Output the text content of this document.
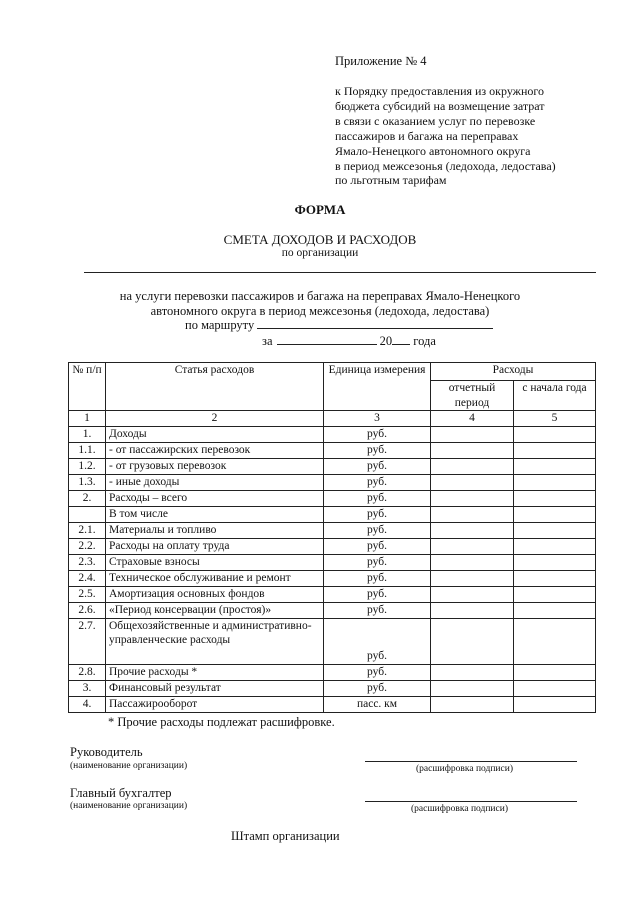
Приложение № 4
к Порядку предоставления из окружного
бюджета субсидий на возмещение затрат
в связи с оказанием услуг по перевозке
пассажиров и багажа на переправах
Ямало-Ненецкого автономного округа
в период межсезонья (ледохода, ледостава)
по льготным тарифам
ФОРМА
СМЕТА ДОХОДОВ И РАСХОДОВ
по организации
на услуги перевозки пассажиров и багажа на переправах Ямало-Ненецкого
автономного округа в период межсезонья (ледохода, ледостава)
по маршруту
за	20 года
№ п/п	Статья расходов	Единица измерения	Расходы	
			отчетный период	с начала года
1	2	3	4	5
1.	Доходы	руб.		
1.1.	- от пассажирских перевозок	руб.		
1.2.	- от грузовых перевозок	руб.		
1.3.	- иные доходы	руб.		
2.	Расходы – всего	руб.		
	В том числе	руб.		
2.1.	Материалы и топливо	руб.		
2.2.	Расходы на оплату труда	руб.		
2.3.	Страховые взносы	руб.		
2.4.	Техническое обслуживание и ремонт	руб.		
2.5.	Амортизация основных фондов	руб.		
2.6.	«Период консервации (простоя)»	руб.		
2.7.	Общехозяйственные и административно-управленческие расходы	руб.		
2.8.	Прочие расходы *	руб.		
3.	Финансовый результат	руб.		
4.	Пассажирооборот	пасс. км		
* Прочие расходы подлежат расшифровке.
Руководитель
(наименование организации)	(расшифровка подписи)
Главный бухгалтер
(наименование организации)	(расшифровка подписи)
Штамп организации
